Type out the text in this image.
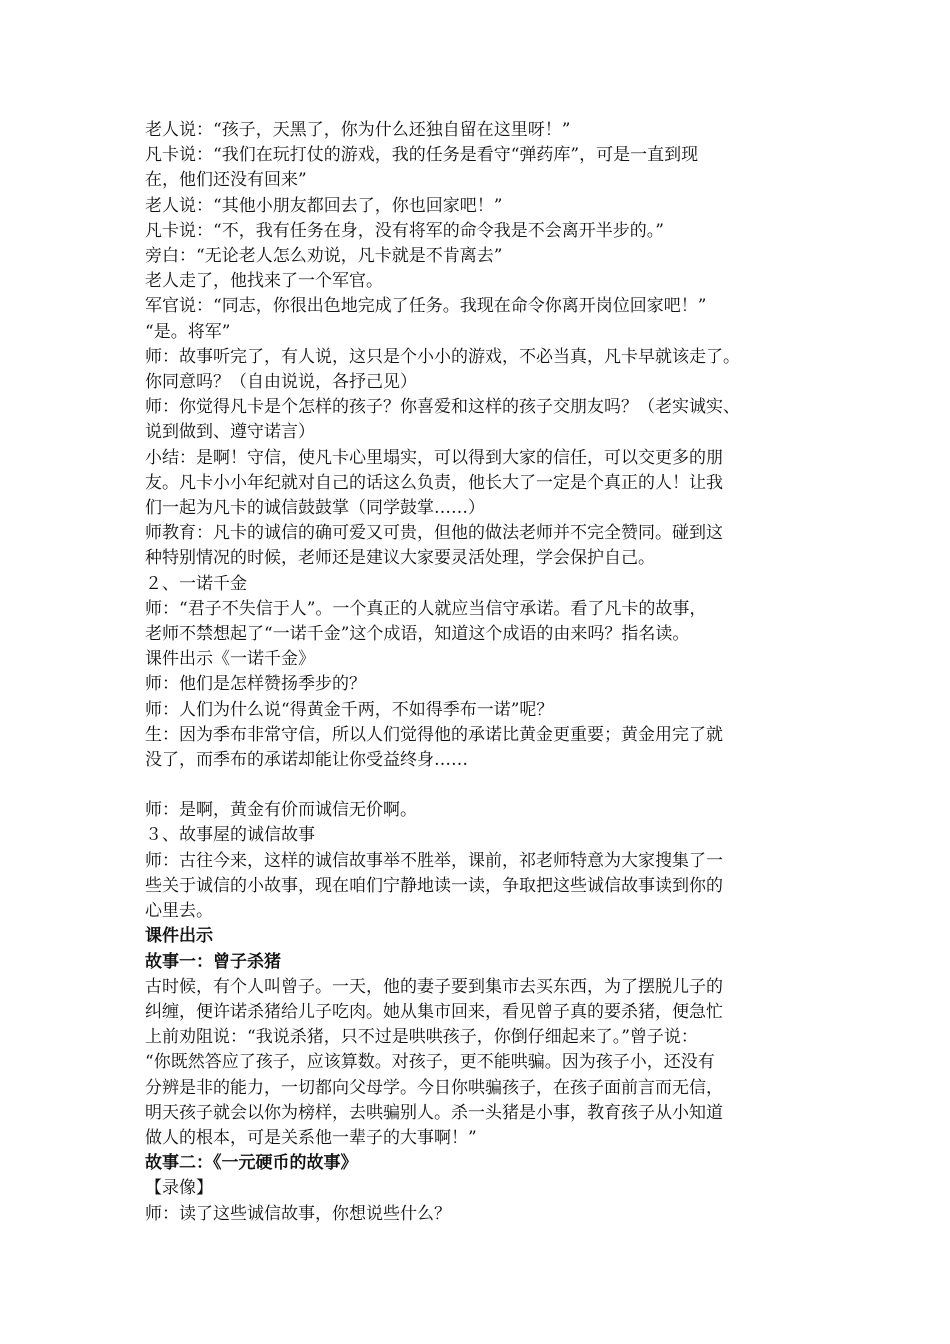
老人说：“孩子，天黑了，你为什么还独自留在这里呀！”
凡卡说：“我们在玩打仗的游戏，我的任务是看守“弹药库”，可是一直到现
在，他们还没有回来”
老人说：“其他小朋友都回去了，你也回家吧！”
凡卡说：“不，我有任务在身，没有将军的命令我是不会离开半步的。”
旁白：“无论老人怎么劝说，凡卡就是不肯离去”
老人走了，他找来了一个军官。
军官说：“同志，你很出色地完成了任务。我现在命令你离开岗位回家吧！”
“是。将军”
师：故事听完了，有人说，这只是个小小的游戏，不必当真，凡卡早就该走了。
你同意吗？（自由说说，各抒己见）
师：你觉得凡卡是个怎样的孩子？你喜爱和这样的孩子交朋友吗？（老实诚实、
说到做到、遵守诺言）
小结：是啊！守信，使凡卡心里塌实，可以得到大家的信任，可以交更多的朋
友。凡卡小小年纪就对自己的话这么负责，他长大了一定是个真正的人！让我
们一起为凡卡的诚信鼓鼓掌（同学鼓掌……）
师教育：凡卡的诚信的确可爱又可贵，但他的做法老师并不完全赞同。碰到这
种特别情况的时候，老师还是建议大家要灵活处理，学会保护自己。
２、一诺千金
师：“君子不失信于人”。一个真正的人就应当信守承诺。看了凡卡的故事，
老师不禁想起了“一诺千金”这个成语，知道这个成语的由来吗？指名读。
课件出示《一诺千金》
师：他们是怎样赞扬季步的？
师：人们为什么说“得黄金千两，不如得季布一诺”呢？
生：因为季布非常守信，所以人们觉得他的承诺比黄金更重要；黄金用完了就
没了，而季布的承诺却能让你受益终身……
师：是啊，黄金有价而诚信无价啊。
３、故事屋的诚信故事
师：古往今来，这样的诚信故事举不胜举，课前，祁老师特意为大家搜集了一
些关于诚信的小故事，现在咱们宁静地读一读，争取把这些诚信故事读到你的
心里去。
课件出示
故事一：曾子杀猪
古时候，有个人叫曾子。一天，他的妻子要到集市去买东西，为了摆脱儿子的
纠缠，便许诺杀猪给儿子吃肉。她从集市回来，看见曾子真的要杀猪，便急忙
上前劝阻说：“我说杀猪，只不过是哄哄孩子，你倒仔细起来了。”曾子说：
“你既然答应了孩子，应该算数。对孩子，更不能哄骗。因为孩子小，还没有
分辨是非的能力，一切都向父母学。今日你哄骗孩子，在孩子面前言而无信，
明天孩子就会以你为榜样，去哄骗别人。杀一头猪是小事，教育孩子从小知道
做人的根本，可是关系他一辈子的大事啊！”
故事二：《一元硬币的故事》
【录像】
师：读了这些诚信故事，你想说些什么？
